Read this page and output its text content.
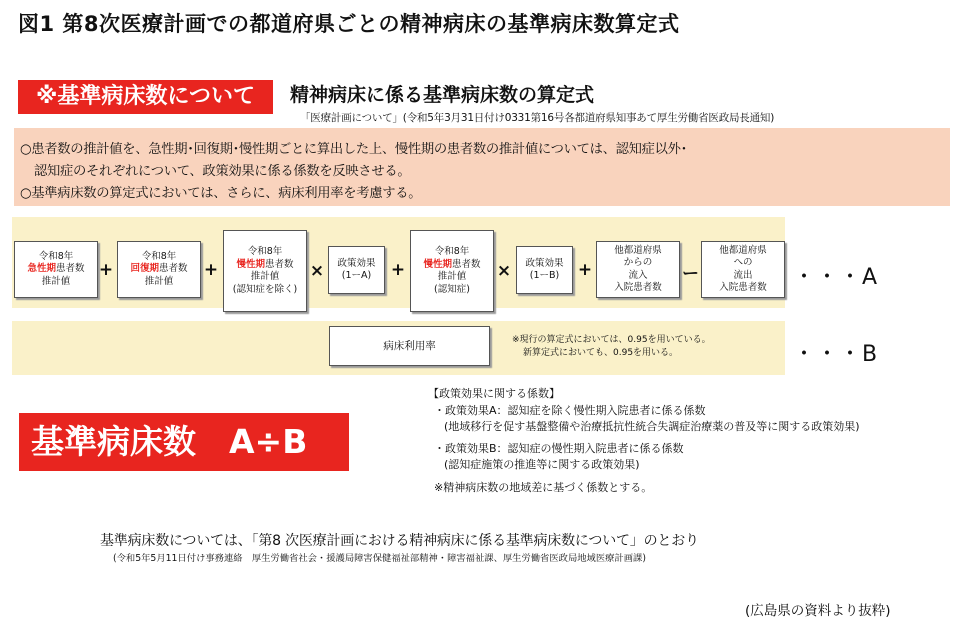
図1 第8次医療計画での都道府県ごとの精神病床の基準病床数算定式
※基準病床数について	精神病床に係る基準病床数の算定式
「医療計画について」(令和5年3月31日付け0331第16号各都道府県知事あて厚生労働省医政局長通知)
○患者数の推計値を、急性期･回復期･慢性期ごとに算出した上、慢性期の患者数の推計値については、認知症以外･
認知症のそれぞれについて、政策効果に係る係数を反映させる。
○基準病床数の算定式においては、さらに、病床利用率を考慮する。
令和8年
急性期患者数
推計値
+
令和8年
回復期患者数
推計値
+
令和8年
慢性期患者数
推計値
(認知症を除く)
× 政策効果
(1ーA) +
令和8年
慢性期患者数
推計値
(認知症)
× 政策効果
(1ーB) +
他都道府県
からの
流入
入院患者数
ー
他都道府県
への
流出
入院患者数 ・・・A
病床利用率	※現行の算定式においては、0.95を用いている。
新算定式においても、0.95を用いる。	・・・B
【政策効果に関する係数】
・政策効果A：認知症を除く慢性期入院患者に係る係数
(地域移行を促す基盤整備や治療抵抗性統合失調症治療薬の普及等に関する政策効果)
・政策効果B：認知症の慢性期入院患者に係る係数
(認知症施策の推進等に関する政策効果)
※精神病床数の地域差に基づく係数とする。
基準病床数　A÷B
基準病床数については、「第8 次医療計画における精神病床に係る基準病床数について」のとおり
(令和5年5月11日付け事務連絡　厚生労働省社会・援護局障害保健福祉部精神・障害福祉課、厚生労働省医政局地域医療計画課)
(広島県の資料より抜粋)
